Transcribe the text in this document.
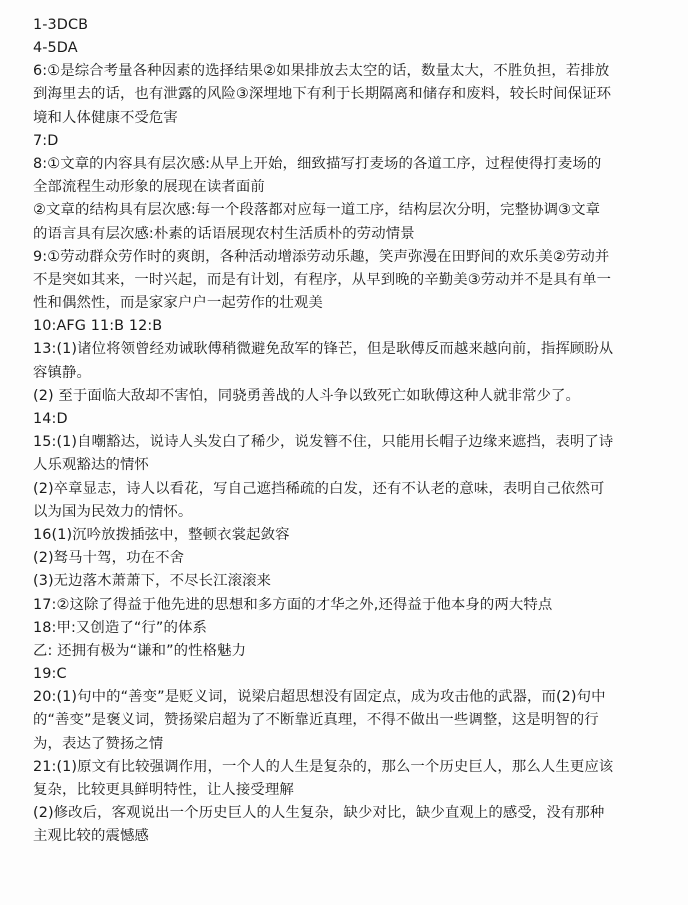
1-3DCB
4-5DA
6:①是综合考量各种因素的选择结果②如果排放去太空的话，数量太大，不胜负担，若排放
到海里去的话，也有泄露的风险③深埋地下有利于长期隔离和储存和废料，较长时间保证环
境和人体健康不受危害
7:D
8:①文章的内容具有层次感:从早上开始，细致描写打麦场的各道工序，过程使得打麦场的
全部流程生动形象的展现在读者面前
②文章的结构具有层次感:每一个段落都对应每一道工序，结构层次分明，完整协调③文章
的语言具有层次感:朴素的话语展现农村生活质朴的劳动情景
9:①劳动群众劳作时的爽朗，各种活动增添劳动乐趣，笑声弥漫在田野间的欢乐美②劳动并
不是突如其来，一时兴起，而是有计划，有程序，从早到晚的辛勤美③劳动并不是具有单一
性和偶然性，而是家家户户一起劳作的壮观美
10:AFG 11:B 12:B
13:(1)诸位将领曾经劝诫耿傅稍微避免敌军的锋芒，但是耿傅反而越来越向前，指挥顾盼从
容镇静。
(2) 至于面临大敌却不害怕，同骁勇善战的人斗争以致死亡如耿傅这种人就非常少了。
14:D
15:(1)自嘲豁达，说诗人头发白了稀少，说发簪不住，只能用长帽子边缘来遮挡，表明了诗
人乐观豁达的情怀
(2)卒章显志，诗人以看花，写自己遮挡稀疏的白发，还有不认老的意味，表明自己依然可
以为国为民效力的情怀。
16(1)沉吟放拨插弦中，整顿衣裳起敛容
(2)驽马十驾，功在不舍
(3)无边落木萧萧下，不尽长江滚滚来
17:②这除了得益于他先进的思想和多方面的才华之外,还得益于他本身的两大特点
18:甲:又创造了“行”的体系
乙: 还拥有极为“谦和”的性格魅力
19:C
20:(1)句中的“善变”是贬义词，说梁启超思想没有固定点，成为攻击他的武器，而(2)句中
的“善变”是褒义词，赞扬梁启超为了不断靠近真理，不得不做出一些调整，这是明智的行
为，表达了赞扬之情
21:(1)原文有比较强调作用，一个人的人生是复杂的，那么一个历史巨人，那么人生更应该
复杂，比较更具鲜明特性，让人接受理解
(2)修改后，客观说出一个历史巨人的人生复杂，缺少对比，缺少直观上的感受，没有那种
主观比较的震憾感
